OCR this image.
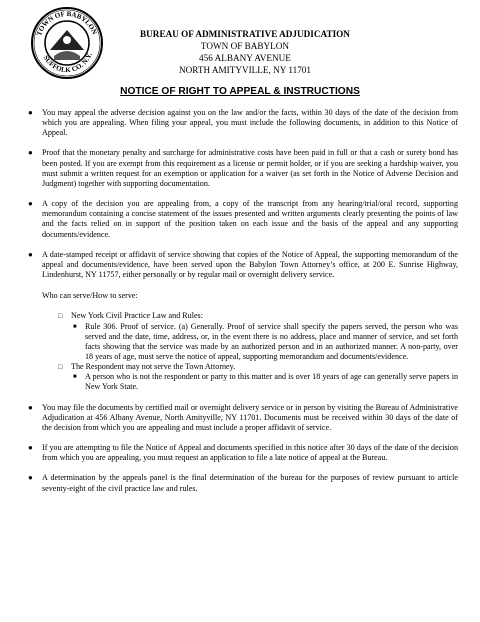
TOWN OF BABYLON
SUFFOLK CO. N.Y.
BUREAU OF ADMINISTRATIVE ADJUDICATION
TOWN OF BABYLON
456 ALBANY AVENUE
NORTH AMITYVILLE, NY 11701
NOTICE OF RIGHT TO APPEAL & INSTRUCTIONS
● You may appeal the adverse decision against you on the law and/or the facts, within 30 days of the date of the decision from which you are appealing. When filing your appeal, you must include the following documents, in addition to this Notice of Appeal.
● Proof that the monetary penalty and surcharge for administrative costs have been paid in full or that a cash or surety bond has been posted. If you are exempt from this requirement as a license or permit holder, or if you are seeking a hardship waiver, you must submit a written request for an exemption or application for a waiver (as set forth in the Notice of Adverse Decision and Judgment) together with supporting documentation.
● A copy of the decision you are appealing from, a copy of the transcript from any hearing/trial/oral record, supporting memorandum containing a concise statement of the issues presented and written arguments clearly presenting the points of law and the facts relied on in support of the position taken on each issue and the basis of the appeal and any supporting documents/evidence.
● A date-stamped receipt or affidavit of service showing that copies of the Notice of Appeal, the supporting memorandum of the appeal and documents/evidence, have been served upon the Babylon Town Attorney’s office, at 200 E. Sunrise Highway, Lindenhurst, NY 11757, either personally or by regular mail or overnight delivery service.
Who can serve/How to serve:
□ New York Civil Practice Law and Rules:
■ Rule 306. Proof of service. (a) Generally. Proof of service shall specify the papers served, the person who was served and the date, time, address, or, in the event there is no address, place and manner of service, and set forth facts showing that the service was made by an authorized person and in an authorized manner. A non-party, over 18 years of age, must serve the notice of appeal, supporting memorandum and documents/evidence.
□ The Respondent may not serve the Town Attorney.
■ A person who is not the respondent or party to this matter and is over 18 years of age can generally serve papers in New York State.
● You may file the documents by certified mail or overnight delivery service or in person by visiting the Bureau of Administrative Adjudication at 456 Albany Avenue, North Amityville, NY 11701. Documents must be received within 30 days of the date of the decision from which you are appealing and must include a proper affidavit of service.
● If you are attempting to file the Notice of Appeal and documents specified in this notice after 30 days of the date of the decision from which you are appealing, you must request an application to file a late notice of appeal at the Bureau.
● A determination by the appeals panel is the final determination of the bureau for the purposes of review pursuant to article seventy-eight of the civil practice law and rules.
